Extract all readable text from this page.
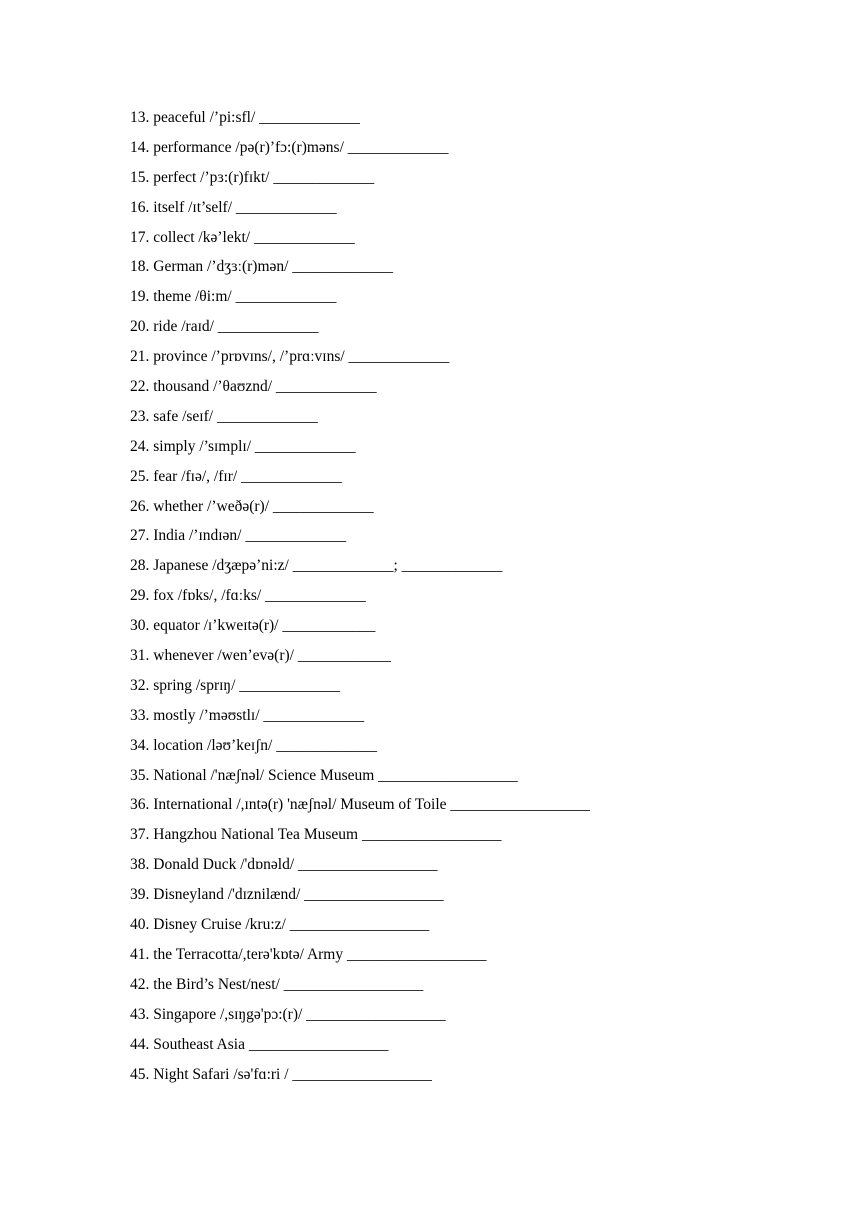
13. peaceful /’pi:sfl/ _____________
14. performance /pə(r)’fɔ:(r)məns/ _____________
15. perfect /’pɜ:(r)fɪkt/ _____________
16. itself /ɪt’self/ _____________
17. collect /kə’lekt/ _____________
18. German /’dʒɜː(r)mən/ _____________
19. theme /θi:m/ _____________
20. ride /raɪd/ _____________
21. province /’prɒvɪns/, /’prɑːvɪns/ _____________
22. thousand /’θaʊznd/ _____________
23. safe /seɪf/ _____________
24. simply /’sɪmplɪ/ _____________
25. fear /fɪə/, /fɪr/ _____________
26. whether /’weðə(r)/ _____________
27. India /’ɪndɪən/ _____________
28. Japanese /dʒæpə’ni:z/ _____________; _____________
29. fox /fɒks/, /fɑːks/ _____________
30. equator /ɪ’kweɪtə(r)/ ____________
31. whenever /wen’evə(r)/ ____________
32. spring /sprɪŋ/ _____________
33. mostly /’məʊstlɪ/ _____________
34. location /ləʊ’keɪʃn/ _____________
35. National /'næʃnəl/ Science Museum __________________
36. International /,ɪntə(r) 'næʃnəl/ Museum of Toile __________________
37. Hangzhou National Tea Museum __________________
38. Donald Duck /'dɒnəld/ __________________
39. Disneyland /'dɪznilænd/ __________________
40. Disney Cruise /kru:z/ __________________
41. the Terracotta/,terə'kɒtə/ Army __________________
42. the Bird’s Nest/nest/ __________________
43. Singapore /,sɪŋgə'pɔ:(r)/ __________________
44. Southeast Asia __________________
45. Night Safari /sə'fɑ:ri / __________________
